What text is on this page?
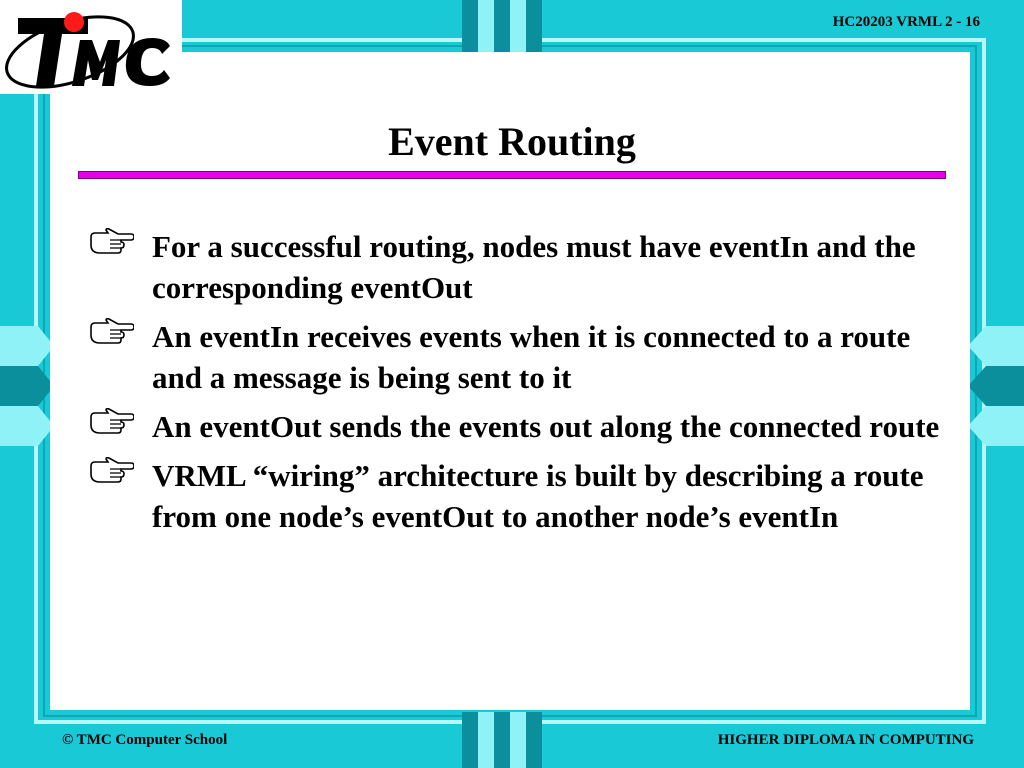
HC20203 VRML 2 - 16
Event Routing
For a successful routing, nodes must have eventIn and the corresponding eventOut
An eventIn receives events when it is connected to a route and a message is being sent to it
An eventOut sends the events out along the connected route
VRML “wiring” architecture is built by describing a route from one node’s eventOut to another node’s eventIn
© TMC Computer School	HIGHER DIPLOMA IN COMPUTING
